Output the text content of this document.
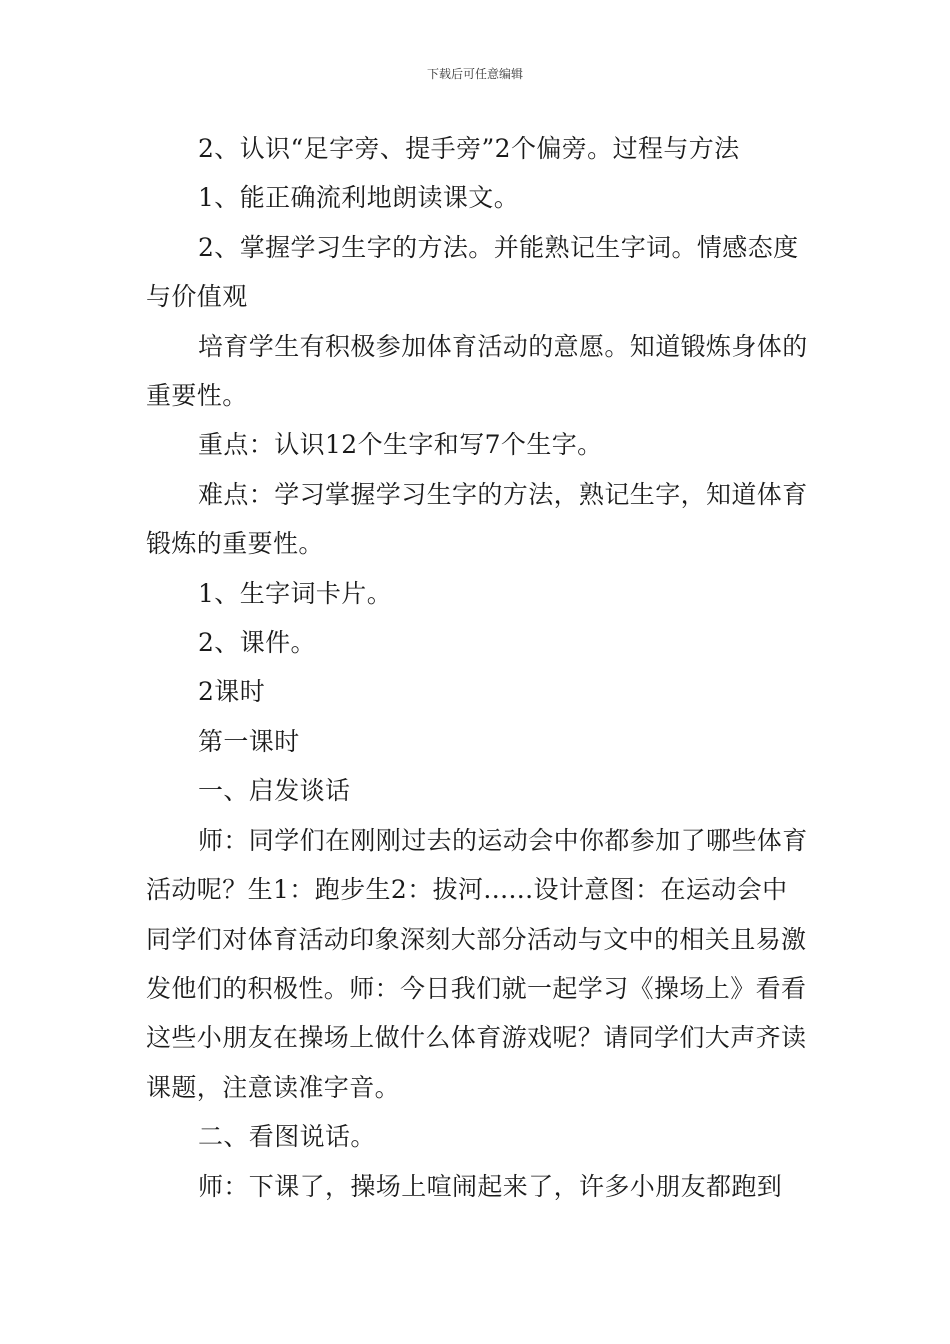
下载后可任意编辑

2、认识“足字旁、提手旁”2个偏旁。过程与方法

1、能正确流利地朗读课文。

2、掌握学习生字的方法。并能熟记生字词。情感态度与价值观

培育学生有积极参加体育活动的意愿。知道锻炼身体的重要性。

重点：认识12个生字和写7个生字。

难点：学习掌握学习生字的方法，熟记生字，知道体育锻炼的重要性。

1、生字词卡片。

2、课件。

2课时

第一课时

一、启发谈话

师：同学们在刚刚过去的运动会中你都参加了哪些体育活动呢？生1：跑步生2：拔河......设计意图：在运动会中同学们对体育活动印象深刻大部分活动与文中的相关且易激发他们的积极性。师：今日我们就一起学习《操场上》看看这些小朋友在操场上做什么体育游戏呢？请同学们大声齐读课题，注意读准字音。

二、看图说话。

师：下课了，操场上喧闹起来了，许多小朋友都跑到
